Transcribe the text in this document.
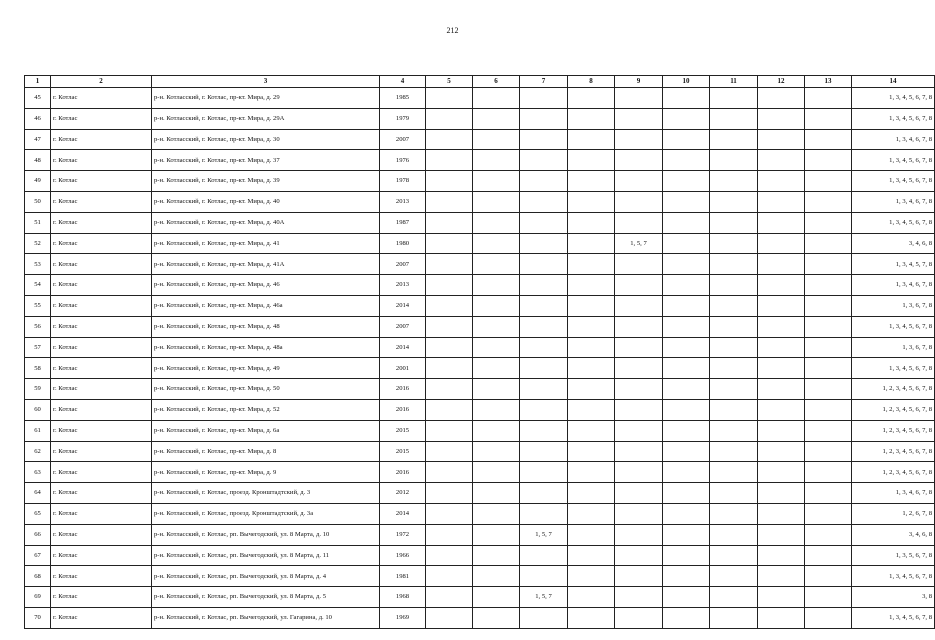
212
1	2	3	4	5	6	7	8	9	10	11	12	13	14
45	г. Котлас	р-н. Котласский, г. Котлас, пр-кт. Мира, д. 29	1985										1, 3, 4, 5, 6, 7, 8
46	г. Котлас	р-н. Котласский, г. Котлас, пр-кт. Мира, д. 29А	1979										1, 3, 4, 5, 6, 7, 8
47	г. Котлас	р-н. Котласский, г. Котлас, пр-кт. Мира, д. 30	2007										1, 3, 4, 6, 7, 8
48	г. Котлас	р-н. Котласский, г. Котлас, пр-кт. Мира, д. 37	1976										1, 3, 4, 5, 6, 7, 8
49	г. Котлас	р-н. Котласский, г. Котлас, пр-кт. Мира, д. 39	1978										1, 3, 4, 5, 6, 7, 8
50	г. Котлас	р-н. Котласский, г. Котлас, пр-кт. Мира, д. 40	2013										1, 3, 4, 6, 7, 8
51	г. Котлас	р-н. Котласский, г. Котлас, пр-кт. Мира, д. 40А	1987										1, 3, 4, 5, 6, 7, 8
52	г. Котлас	р-н. Котласский, г. Котлас, пр-кт. Мира, д. 41	1980					1, 5, 7					3, 4, 6, 8
53	г. Котлас	р-н. Котласский, г. Котлас, пр-кт. Мира, д. 41А	2007										1, 3, 4, 5, 7, 8
54	г. Котлас	р-н. Котласский, г. Котлас, пр-кт. Мира, д. 46	2013										1, 3, 4, 6, 7, 8
55	г. Котлас	р-н. Котласский, г. Котлас, пр-кт. Мира, д. 46а	2014										1, 3, 6, 7, 8
56	г. Котлас	р-н. Котласский, г. Котлас, пр-кт. Мира, д. 48	2007										1, 3, 4, 5, 6, 7, 8
57	г. Котлас	р-н. Котласский, г. Котлас, пр-кт. Мира, д. 48а	2014										1, 3, 6, 7, 8
58	г. Котлас	р-н. Котласский, г. Котлас, пр-кт. Мира, д. 49	2001										1, 3, 4, 5, 6, 7, 8
59	г. Котлас	р-н. Котласский, г. Котлас, пр-кт. Мира, д. 50	2016										1, 2, 3, 4, 5, 6, 7, 8
60	г. Котлас	р-н. Котласский, г. Котлас, пр-кт. Мира, д. 52	2016										1, 2, 3, 4, 5, 6, 7, 8
61	г. Котлас	р-н. Котласский, г. Котлас, пр-кт. Мира, д. 6а	2015										1, 2, 3, 4, 5, 6, 7, 8
62	г. Котлас	р-н. Котласский, г. Котлас, пр-кт. Мира, д. 8	2015										1, 2, 3, 4, 5, 6, 7, 8
63	г. Котлас	р-н. Котласский, г. Котлас, пр-кт. Мира, д. 9	2016										1, 2, 3, 4, 5, 6, 7, 8
64	г. Котлас	р-н. Котласский, г. Котлас, проезд. Кронштадтский, д. 3	2012										1, 3, 4, 6, 7, 8
65	г. Котлас	р-н. Котласский, г. Котлас, проезд. Кронштадтский, д. 3а	2014										1, 2, 6, 7, 8
66	г. Котлас	р-н. Котласский, г. Котлас, рп. Вычегодский, ул. 8 Марта, д. 10	1972			1, 5, 7							3, 4, 6, 8
67	г. Котлас	р-н. Котласский, г. Котлас, рп. Вычегодский, ул. 8 Марта, д. 11	1966										1, 3, 5, 6, 7, 8
68	г. Котлас	р-н. Котласский, г. Котлас, рп. Вычегодский, ул. 8 Марта, д. 4	1981										1, 3, 4, 5, 6, 7, 8
69	г. Котлас	р-н. Котласский, г. Котлас, рп. Вычегодский, ул. 8 Марта, д. 5	1968			1, 5, 7							3, 8
70	г. Котлас	р-н. Котласский, г. Котлас, рп. Вычегодский, ул. Гагарина, д. 10	1969										1, 3, 4, 5, 6, 7, 8
